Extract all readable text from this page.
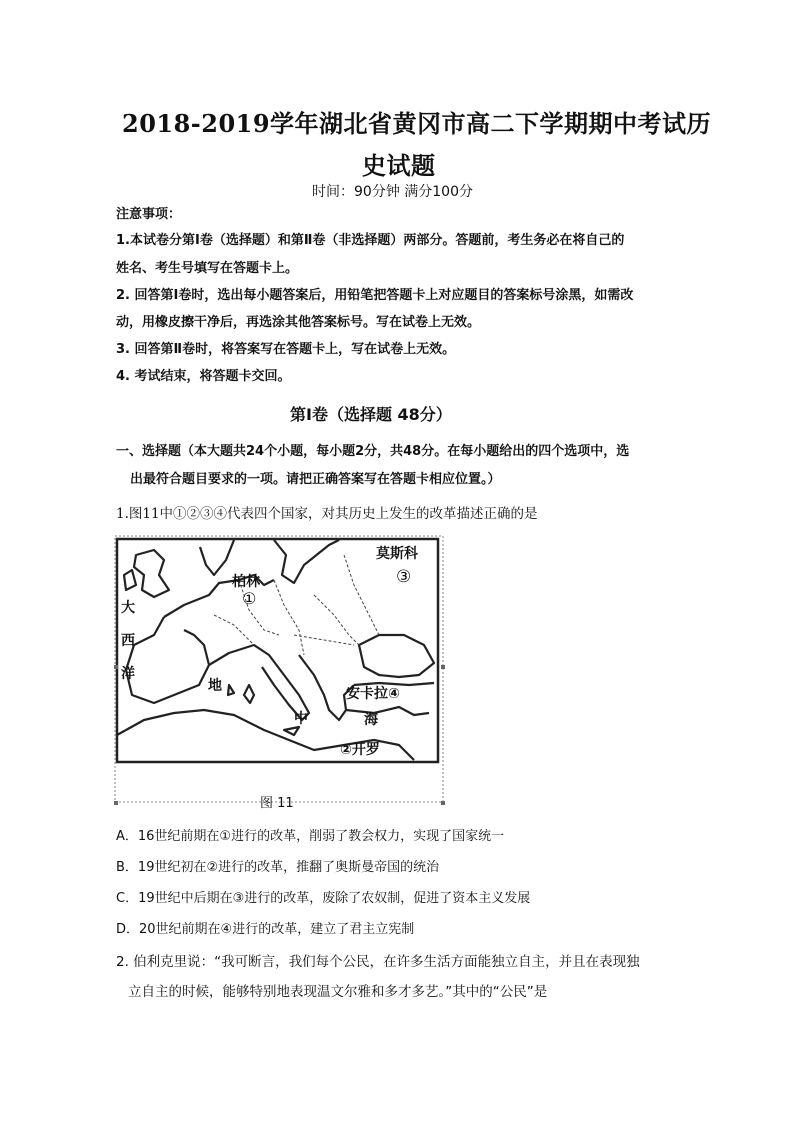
2018-2019学年湖北省黄冈市高二下学期期中考试历
史试题
时间：90分钟 满分100分
注意事项：
1.本试卷分第Ⅰ卷（选择题）和第Ⅱ卷（非选择题）两部分。答题前，考生务必在将自己的
姓名、考生号填写在答题卡上。
2. 回答第Ⅰ卷时，选出每小题答案后，用铅笔把答题卡上对应题目的答案标号涂黑，如需改
动，用橡皮擦干净后，再选涂其他答案标号。写在试卷上无效。
3. 回答第Ⅱ卷时，将答案写在答题卡上，写在试卷上无效。
4. 考试结束，将答题卡交回。
第Ⅰ卷（选择题 48分）
一、选择题（本大题共24个小题，每小题2分，共48分。在每小题给出的四个选项中，选
出最符合题目要求的一项。请把正确答案写在答题卡相应位置。）
1.图11中①②③④代表四个国家，对其历史上发生的改革描述正确的是
莫斯科
③
柏林
①
大
西
洋
地
中
安卡拉④
海
②开罗
图 11
A．16世纪前期在①进行的改革，削弱了教会权力，实现了国家统一
B．19世纪初在②进行的改革，推翻了奥斯曼帝国的统治
C．19世纪中后期在③进行的改革，废除了农奴制，促进了资本主义发展
D．20世纪前期在④进行的改革，建立了君主立宪制
2. 伯利克里说：“我可断言，我们每个公民，在许多生活方面能独立自主，并且在表现独
立自主的时候，能够特别地表现温文尔雅和多才多艺。”其中的“公民”是
